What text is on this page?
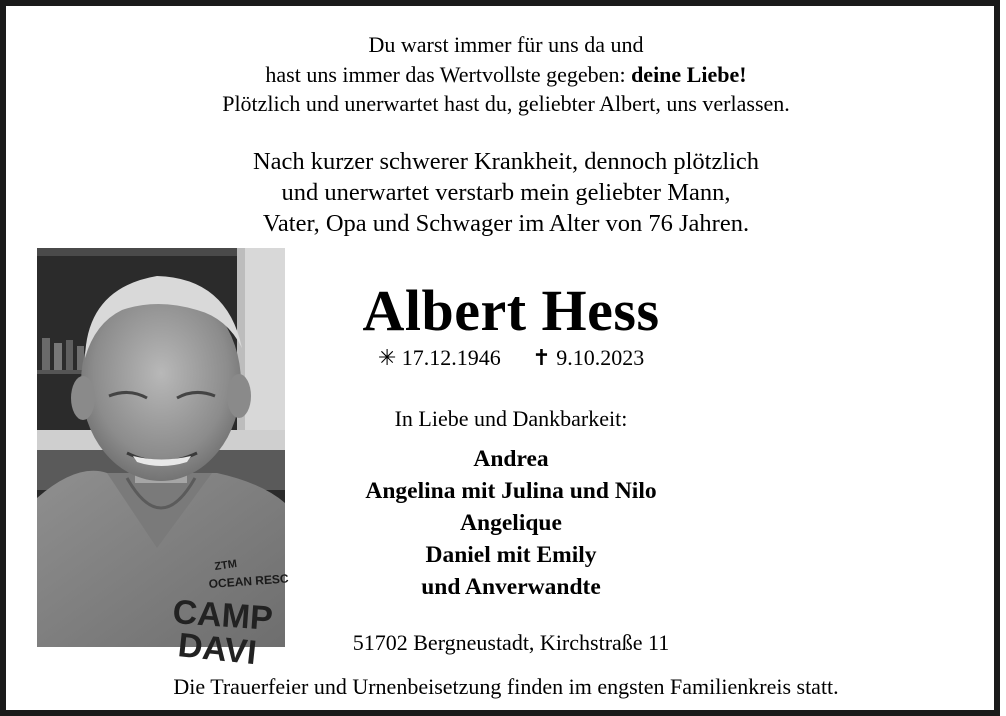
Du warst immer für uns da und
hast uns immer das Wertvollste gegeben: deine Liebe!
Plötzlich und unerwartet hast du, geliebter Albert, uns verlassen.
Nach kurzer schwerer Krankheit, dennoch plötzlich
und unerwartet verstarb mein geliebter Mann,
Vater, Opa und Schwager im Alter von 76 Jahren.
ZTM
OCEAN RESC
CAMP
DAVI
Albert Hess
✳ 17.12.1946 ✝ 9.10.2023
In Liebe und Dankbarkeit:
Andrea
Angelina mit Julina und Nilo
Angelique
Daniel mit Emily
und Anverwandte
51702 Bergneustadt, Kirchstraße 11
Die Trauerfeier und Urnenbeisetzung finden im engsten Familienkreis statt.
